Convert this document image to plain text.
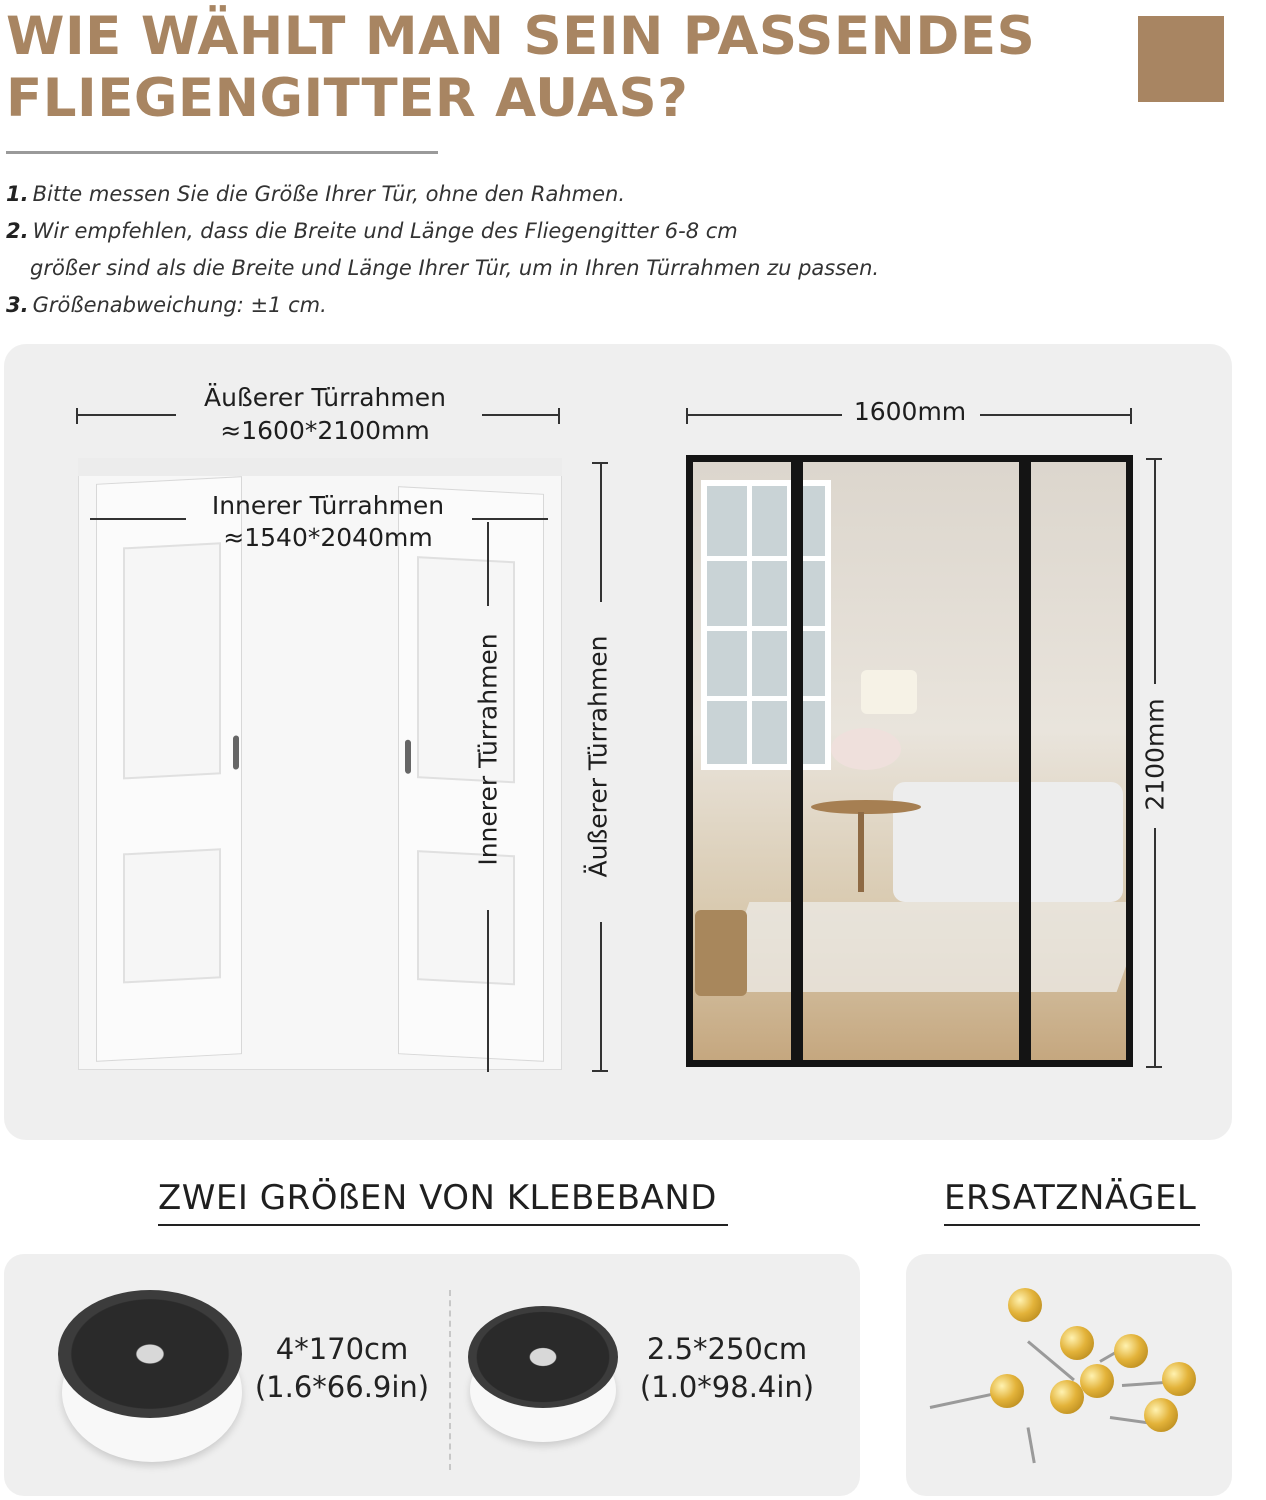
WIE WÄHLT MAN SEIN PASSENDES
FLIEGENGITTER AUAS?
1. Bitte messen Sie die Größe Ihrer Tür, ohne den Rahmen.
2. Wir empfehlen, dass die Breite und Länge des Fliegengitter 6-8 cm
größer sind als die Breite und Länge Ihrer Tür, um in Ihren Türrahmen zu passen.
3. Größenabweichung: ±1 cm.
Äußerer Türrahmen
≈1600*2100mm
Innerer Türrahmen
≈1540*2040mm
Innerer Türrahmen	Äußerer Türrahmen
1600mm
2100mm
ZWEI GRÖßEN VON KLEBEBAND	ERSATZNÄGEL
4*170cm
(1.6*66.9in)
2.5*250cm
(1.0*98.4in)
